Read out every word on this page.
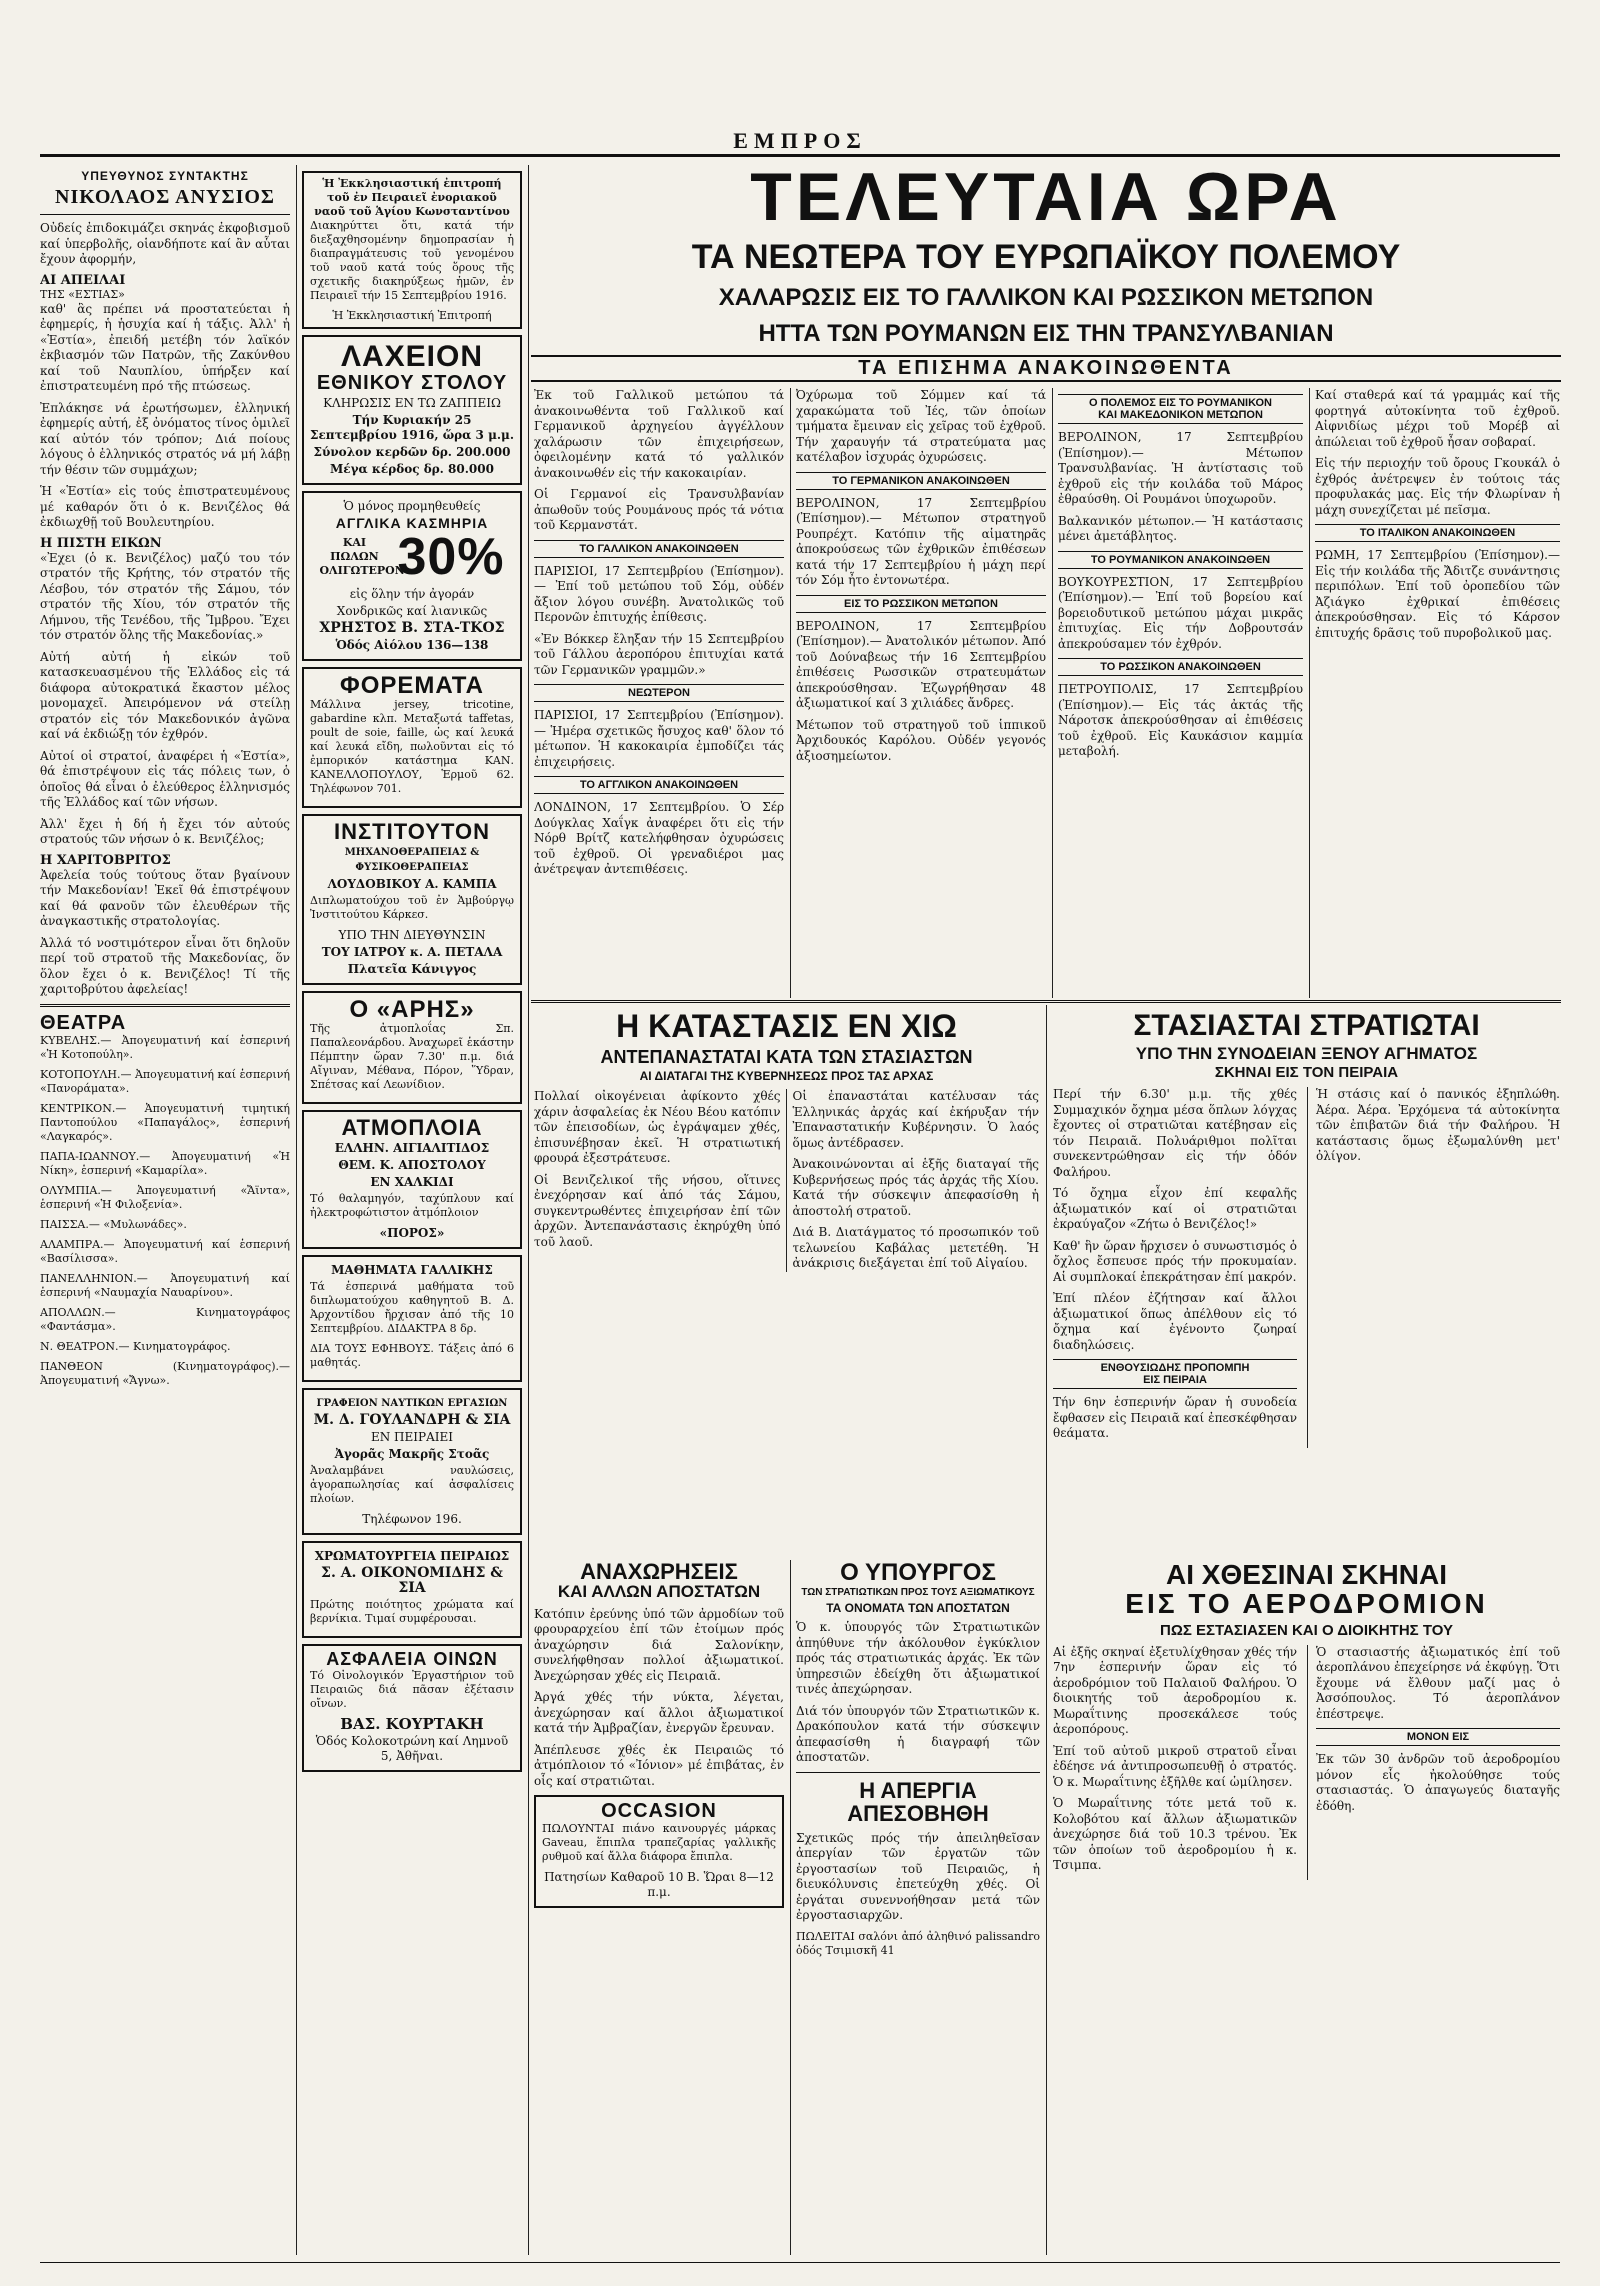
ΕΜΠΡΟΣ
ΥΠΕΥΘΥΝΟΣ ΣΥΝΤΑΚΤΗΣ
ΝΙΚΟΛΑΟΣ ΑΝΥΣΙΟΣ

Οὐδείς ἐπιδοκιμάζει σκηνάς ἐκφοβισμοῦ καί ὑπερβολῆς, οἱανδήποτε καί ἂν αὗται ἔχουν ἀφορμήν,

ΑΙ ΑΠΕΙΛΑΙ
ΤΗΣ «ΕΣΤΙΑΣ»

καθ' ἃς πρέπει νά προστατεύεται ἡ ἐφημερίς, ἡ ἡσυχία καί ἡ τάξις. Ἀλλ' ἡ «Ἑστία», ἐπειδή μετέβη τόν λαϊκόν ἐκβιασμόν τῶν Πατρῶν, τῆς Ζακύνθου καί τοῦ Ναυπλίου, ὑπήρξεν καί ἐπιστρατευμένη πρό τῆς πτώσεως.

Ἐπλάκησε νά ἐρωτήσωμεν, ἐλληνική ἐφημερίς αὐτή, ἐξ ὀνόματος τίνος ὁμιλεῖ καί αὐτόν τόν τρόπον; Διά ποίους λόγους ὁ ἐλληνικός στρατός νά μή λάβῃ τήν θέσιν τῶν συμμάχων;

Ἡ «Ἑστία» εἰς τούς ἐπιστρατευμένους μέ καθαρόν ὅτι ὁ κ. Βενιζέλος θά ἐκδιωχθῇ τοῦ Βουλευτηρίου.

Η ΠΙΣΤΗ ΕΙΚΩΝ

«Ἐχει (ὁ κ. Βενιζέλος) μαζύ του τόν στρατόν τῆς Κρήτης, τόν στρατόν τῆς Λέσβου, τόν στρατόν τῆς Σάμου, τόν στρατόν τῆς Χίου, τόν στρατόν τῆς Λήμνου, τῆς Τενέδου, τῆς Ἴμβρου. Ἔχει τόν στρατόν ὅλης τῆς Μακεδονίας.»

Αὐτή αὐτή ἡ εἰκών τοῦ κατασκευασμένου τῆς Ἑλλάδος εἰς τά διάφορα αὐτοκρατικά ἔκαστον μέλος μονομαχεῖ. Ἀπειρόμενον νά στείλῃ στρατόν εἰς τόν Μακεδονικόν ἀγῶνα καί νά ἐκδιώξῃ τόν ἐχθρόν.

Αὐτοί οἱ στρατοί, ἀναφέρει ἡ «Ἑστία», θά ἐπιστρέψουν εἰς τάς πόλεις των, ὁ ὁποῖος θά εἶναι ὁ ἐλεύθερος ἑλληνισμός τῆς Ἑλλάδος καί τῶν νήσων.

Ἀλλ' ἔχει ἡ δή ἡ ἔχει τόν αὐτούς στρατούς τῶν νήσων ὁ κ. Βενιζέλος;

Η ΧΑΡΙΤΟΒΡΙΤΟΣ

Ἀφελεία τούς τούτους ὅταν βγαίνουν τήν Μακεδονίαν! Ἐκεῖ θά ἐπιστρέψουν καί θά φανοῦν τῶν ἐλευθέρων τῆς ἀναγκαστικῆς στρατολογίας.

Ἀλλά τό νοστιμότερον εἶναι ὅτι δηλοῦν περί τοῦ στρατοῦ τῆς Μακεδονίας, ὅν ὅλον ἔχει ὁ κ. Βενιζέλος! Τί τῆς χαριτοβρύτου ἀφελείας!

ΘΕΑΤΡΑ

ΚΥΒΕΛΗΣ.— Ἀπογευματινή καί ἑσπερινή «Ἡ Κοτοπούλη».

ΚΟΤΟΠΟΥΛΗ.— Ἀπογευματινή καί ἑσπερινή «Πανοράματα».

ΚΕΝΤΡΙΚΟΝ.— Ἀπογευματινή τιμητική Παντοπούλου «Παπαγάλος», ἑσπερινή «Λαγκαρός».

ΠΑΠΑ-ΙΩΑΝΝΟΥ.— Ἀπογευματινή «Ἡ Νίκη», ἑσπερινή «Καμαρίλα».

ΟΛΥΜΠΙΑ.— Ἀπογευματινή «Ἄϊντα», ἑσπερινή «Ἡ Φιλοξενία».

ΠΑΙΣΣΑ.— «Μυλωνάδες».

ΑΛΑΜΠΡΑ.— Ἀπογευματινή καί ἑσπερινή «Βασίλισσα».

ΠΑΝΕΛΛΗΝΙΟΝ.— Ἀπογευματινή καί ἑσπερινή «Ναυμαχία Ναυαρίνου».

ΑΠΟΛΛΩΝ.— Κινηματογράφος «Φαντάσμα».

Ν. ΘΕΑΤΡΟΝ.— Κινηματογράφος.

ΠΑΝΘΕΟΝ (Κινηματογράφος).— Ἀπογευματινή «Ἄγνω».

Ἡ Ἐκκλησιαστική ἐπιτροπή τοῦ ἐν Πειραιεῖ ἐνοριακοῦ ναοῦ τοῦ Ἁγίου Κωνσταντίνου

Διακηρύττει ὅτι, κατά τήν διεξαχθησομένην δημοπρασίαν ἡ διαπραγμάτευσις τοῦ γενομένου τοῦ ναοῦ κατά τούς ὅρους τῆς σχετικῆς διακηρύξεως ἡμῶν, ἐν Πειραιεῖ τήν 15 Σεπτεμβρίου 1916.

Ἡ Ἐκκλησιαστική Ἐπιτροπή
ΛΑΧΕΙΟΝ
ΕΘΝΙΚΟΥ ΣΤΟΛΟΥ
ΚΛΗΡΩΣΙΣ ΕΝ ΤΩ ΖΑΠΠΕΙΩ
Τήν Κυριακήν 25 Σεπτεμβρίου 1916, ὥρα 3 μ.μ.
Σύνολον κερδῶν δρ. 200.000
Μέγα κέρδος δρ. 80.000
Ὁ μόνος προμηθευθείς
ΑΓΓΛΙΚΑ ΚΑΣΜΗΡΙΑ
ΚΑΙ ΠΩΛΩΝ ΟΛΙΓΩΤΕΡΟΝ
30%
εἰς ὅλην τήν ἀγοράν
Χονδρικῶς καί λιανικῶς
ΧΡΗΣΤΟΣ Β. ΣΤΑ-ΤΚΟΣ
Ὁδός Αἰόλου 136—138
ΦΟΡΕΜΑΤΑ

Μάλλινα jersey, tricotine, gabardine κλπ. Μεταξωτά taffetas, poult de soie, faille, ὡς καί λευκά καί λευκά εἴδη, πωλοῦνται εἰς τό ἐμπορικόν κατάστημα ΚΑΝ. ΚΑΝΕΛΛΟΠΟΥΛΟΥ, Ἑρμοῦ 62. Τηλέφωνον 701.

ΙΝΣΤΙΤΟΥΤΟΝ
ΜΗΧΑΝΟΘΕΡΑΠΕΙΑΣ & ΦΥΣΙΚΟΘΕΡΑΠΕΙΑΣ
ΛΟΥΔΟΒΙΚΟΥ Α. ΚΑΜΠΑ

Διπλωματούχου τοῦ ἐν Ἀμβούργῳ Ἰνστιτούτου Κάρκεσ.

ΥΠΟ ΤΗΝ ΔΙΕΥΘΥΝΣΙΝ
ΤΟΥ ΙΑΤΡΟΥ κ. Α. ΠΕΤΑΛΑ
Πλατεῖα Κάνιγγος
Ο «ΑΡΗΣ»

Τῆς ἀτμοπλοΐας Σπ. Παπαλεονάρδου. Ἀναχωρεῖ ἑκάστην Πέμπτην ὥραν 7.30' π.μ. διά Αἴγιναν, Μέθανα, Πόρον, Ὕδραν, Σπέτσας καί Λεωνίδιον.

ΑΤΜΟΠΛΟΙΑ
ΕΛΛΗΝ. ΑΙΓΙΑΛΙΤΙΔΟΣ
ΘΕΜ. Κ. ΑΠΟΣΤΟΛΟΥ
ΕΝ ΧΑΛΚΙΔΙ

Τό θαλαμηγόν, ταχύπλουν καί ἠλεκτροφώτιστον ἀτμόπλοιον

«ΠΟΡΟΣ»
ΜΑΘΗΜΑΤΑ ΓΑΛΛΙΚΗΣ

Τά ἑσπερινά μαθήματα τοῦ διπλωματούχου καθηγητοῦ Β. Δ. Ἀρχοντίδου ἤρχισαν ἀπό τῆς 10 Σεπτεμβρίου. ΔΙΔΑΚΤΡΑ 8 δρ.

ΔΙΑ ΤΟΥΣ ΕΦΗΒΟΥΣ. Τάξεις ἀπό 6 μαθητάς.

ΓΡΑΦΕΙΟΝ ΝΑΥΤΙΚΩΝ ΕΡΓΑΣΙΩΝ
Μ. Δ. ΓΟΥΛΑΝΔΡΗ & ΣΙΑ
ΕΝ ΠΕΙΡΑΙΕΙ
Ἀγορᾶς Μακρῆς Στοᾶς

Ἀναλαμβάνει ναυλώσεις, ἀγοραπωλησίας καί ἀσφαλίσεις πλοίων.

Τηλέφωνον 196.
ΧΡΩΜΑΤΟΥΡΓΕΙΑ ΠΕΙΡΑΙΩΣ
Σ. Α. ΟΙΚΟΝΟΜΙΔΗΣ & ΣΙΑ

Πρώτης ποιότητος χρώματα καί βερνίκια. Τιμαί συμφέρουσαι.

ΑΣΦΑΛΕΙΑ ΟΙΝΩΝ

Τό Οἰνολογικόν Ἐργαστήριον τοῦ Πειραιῶς διά πᾶσαν ἐξέτασιν οἴνων.

ΒΑΣ. ΚΟΥΡΤΑΚΗ
Ὁδός Κολοκοτρώνη καί Λημνοῦ 5, Ἀθῆναι.
ΤΕΛΕΥΤΑΙΑ ΩΡΑ
ΤΑ ΝΕΩΤΕΡΑ ΤΟΥ ΕΥΡΩΠΑΪΚΟΥ ΠΟΛΕΜΟΥ
ΧΑΛΑΡΩΣΙΣ ΕΙΣ ΤΟ ΓΑΛΛΙΚΟΝ ΚΑΙ ΡΩΣΣΙΚΟΝ ΜΕΤΩΠΟΝ
ΗΤΤΑ ΤΩΝ ΡΟΥΜΑΝΩΝ ΕΙΣ ΤΗΝ ΤΡΑΝΣΥΛΒΑΝΙΑΝ
ΤΑ ΕΠΙΣΗΜΑ ΑΝΑΚΟΙΝΩΘΕΝΤΑ

Ἐκ τοῦ Γαλλικοῦ μετώπου τά ἀνακοινωθέντα τοῦ Γαλλικοῦ καί Γερμανικοῦ ἀρχηγείου ἀγγέλλουν χαλάρωσιν τῶν ἐπιχειρήσεων, ὀφειλομένην κατά τό γαλλικόν ἀνακοινωθέν εἰς τήν κακοκαιρίαν.

Οἱ Γερμανοί εἰς Τρανσυλβανίαν ἀπωθοῦν τούς Ρουμάνους πρός τά νότια τοῦ Κερμανστάτ.

ΤΟ ΓΑΛΛΙΚΟΝ ΑΝΑΚΟΙΝΩΘΕΝ

ΠΑΡΙΣΙΟΙ, 17 Σεπτεμβρίου (Ἐπίσημον).— Ἐπί τοῦ μετώπου τοῦ Σόμ, οὐδέν ἄξιον λόγου συνέβη. Ἀνατολικῶς τοῦ Περονῶν ἐπιτυχής ἐπίθεσις.

«Ἐν Βόκκερ ἔληξαν τήν 15 Σεπτεμβρίου τοῦ Γάλλου ἀεροπόρου ἐπιτυχίαι κατά τῶν Γερμανικῶν γραμμῶν.»

ΝΕΩΤΕΡΟΝ

ΠΑΡΙΣΙΟΙ, 17 Σεπτεμβρίου (Ἐπίσημον).— Ἡμέρα σχετικῶς ἤσυχος καθ' ὅλον τό μέτωπον. Ἡ κακοκαιρία ἐμποδίζει τάς ἐπιχειρήσεις.

ΤΟ ΑΓΓΛΙΚΟΝ ΑΝΑΚΟΙΝΩΘΕΝ

ΛΟΝΔΙΝΟΝ, 17 Σεπτεμβρίου. Ὁ Σέρ Δούγκλας Χαΐγκ ἀναφέρει ὅτι εἰς τήν Νόρθ Βρίτζ κατελήφθησαν ὀχυρώσεις τοῦ ἐχθροῦ. Οἱ γρεναδιέροι μας ἀνέτρεψαν ἀντεπιθέσεις.

Ὀχύρωμα τοῦ Σόμμεν καί τά χαρακώματα τοῦ Ἰές, τῶν ὁποίων τμήματα ἔμειναν εἰς χεῖρας τοῦ ἐχθροῦ. Τήν χαραυγήν τά στρατεύματα μας κατέλαβον ἰσχυράς ὀχυρώσεις.

ΤΟ ΓΕΡΜΑΝΙΚΟΝ ΑΝΑΚΟΙΝΩΘΕΝ

ΒΕΡΟΛΙΝΟΝ, 17 Σεπτεμβρίου (Ἐπίσημον).— Μέτωπον στρατηγοῦ Ρουπρέχτ. Κατόπιν τῆς αἱματηρᾶς ἀποκρούσεως τῶν ἐχθρικῶν ἐπιθέσεων κατά τήν 17 Σεπτεμβρίου ἡ μάχη περί τόν Σόμ ἦτο ἐντονωτέρα.

ΕΙΣ ΤΟ ΡΩΣΣΙΚΟΝ ΜΕΤΩΠΟΝ

ΒΕΡΟΛΙΝΟΝ, 17 Σεπτεμβρίου (Ἐπίσημον).— Ἀνατολικόν μέτωπον. Ἀπό τοῦ Δούναβεως τήν 16 Σεπτεμβρίου ἐπιθέσεις Ρωσσικῶν στρατευμάτων ἀπεκρούσθησαν. Ἐζωγρήθησαν 48 ἀξιωματικοί καί 3 χιλιάδες ἄνδρες.

Μέτωπον τοῦ στρατηγοῦ τοῦ ἱππικοῦ Ἀρχιδουκός Καρόλου. Οὐδέν γεγονός ἀξιοσημείωτον.

Ο ΠΟΛΕΜΟΣ ΕΙΣ ΤΟ ΡΟΥΜΑΝΙΚΟΝ
ΚΑΙ ΜΑΚΕΔΟΝΙΚΟΝ ΜΕΤΩΠΟΝ

ΒΕΡΟΛΙΝΟΝ, 17 Σεπτεμβρίου (Ἐπίσημον).— Μέτωπον Τρανσυλβανίας. Ἡ ἀντίστασις τοῦ ἐχθροῦ εἰς τήν κοιλάδα τοῦ Μάρος ἐθραύσθη. Οἱ Ρουμάνοι ὑποχωροῦν.

Βαλκανικόν μέτωπον.— Ἡ κατάστασις μένει ἀμετάβλητος.

ΤΟ ΡΟΥΜΑΝΙΚΟΝ ΑΝΑΚΟΙΝΩΘΕΝ

ΒΟΥΚΟΥΡΕΣΤΙΟΝ, 17 Σεπτεμβρίου (Ἐπίσημον).— Ἐπί τοῦ βορείου καί βορειοδυτικοῦ μετώπου μάχαι μικρᾶς ἐπιτυχίας. Εἰς τήν Δοβρουτσάν ἀπεκρούσαμεν τόν ἐχθρόν.

ΤΟ ΡΩΣΣΙΚΟΝ ΑΝΑΚΟΙΝΩΘΕΝ

ΠΕΤΡΟΥΠΟΛΙΣ, 17 Σεπτεμβρίου (Ἐπίσημον).— Εἰς τάς ἀκτάς τῆς Νάροτσκ ἀπεκρούσθησαν αἱ ἐπιθέσεις τοῦ ἐχθροῦ. Εἰς Καυκάσιον καμμία μεταβολή.

Καί σταθερά καί τά γραμμάς καί τῆς φορτηγά αὐτοκίνητα τοῦ ἐχθροῦ. Αἰφνιδίως μέχρι τοῦ Μορέβ αἱ ἀπώλειαι τοῦ ἐχθροῦ ἦσαν σοβαραί.

Εἰς τήν περιοχήν τοῦ ὄρους Γκουκάλ ὁ ἐχθρός ἀνέτρεψεν ἐν τούτοις τάς προφυλακάς μας. Εἰς τήν Φλωρίναν ἡ μάχη συνεχίζεται μέ πεῖσμα.

ΤΟ ΙΤΑΛΙΚΟΝ ΑΝΑΚΟΙΝΩΘΕΝ

ΡΩΜΗ, 17 Σεπτεμβρίου (Ἐπίσημον).— Εἰς τήν κοιλάδα τῆς Ἄδιτζε συνάντησις περιπόλων. Ἐπί τοῦ ὀροπεδίου τῶν Ἀζιάγκο ἐχθρικαί ἐπιθέσεις ἀπεκρούσθησαν. Εἰς τό Κάρσον ἐπιτυχής δρᾶσις τοῦ πυροβολικοῦ μας.

Η ΚΑΤΑΣΤΑΣΙΣ ΕΝ ΧΙΩ
ΑΝΤΕΠΑΝΑΣΤΑΤΑΙ ΚΑΤΑ ΤΩΝ ΣΤΑΣΙΑΣΤΩΝ
ΑΙ ΔΙΑΤΑΓΑΙ ΤΗΣ ΚΥΒΕΡΝΗΣΕΩΣ ΠΡΟΣ ΤΑΣ ΑΡΧΑΣ

Πολλαί οἰκογένειαι ἀφίκοντο χθές χάριν ἀσφαλείας ἐκ Νέου Βέου κατόπιν τῶν ἐπεισοδίων, ὡς ἐγράψαμεν χθές, ἐπισυνέβησαν ἐκεῖ. Ἡ στρατιωτική φρουρά ἐξεστράτευσε.

Οἱ Βενιζελικοί τῆς νήσου, οἵτινες ἐνεχόρησαν καί ἀπό τάς Σάμου, συγκεντρωθέντες ἐπιχειρήσαν ἐπί τῶν ἀρχῶν. Ἀντεπανάστασις ἐκηρύχθη ὑπό τοῦ λαοῦ.

Οἱ ἐπαναστάται κατέλυσαν τάς Ἑλληνικάς ἀρχάς καί ἐκήρυξαν τήν Ἐπαναστατικήν Κυβέρνησιν. Ὁ λαός ὅμως ἀντέδρασεν.

Ἀνακοινώνονται αἱ ἑξῆς διαταγαί τῆς Κυβερνήσεως πρός τάς ἀρχάς τῆς Χίου. Κατά τήν σύσκεψιν ἀπεφασίσθη ἡ ἀποστολή στρατοῦ.

Διά Β. Διατάγματος τό προσωπικόν τοῦ τελωνείου Καβάλας μετετέθη. Ἡ ἀνάκρισις διεξάγεται ἐπί τοῦ Αἰγαίου.

ΣΤΑΣΙΑΣΤΑΙ ΣΤΡΑΤΙΩΤΑΙ
ΥΠΟ ΤΗΝ ΣΥΝΟΔΕΙΑΝ ΞΕΝΟΥ ΑΓΗΜΑΤΟΣ
ΣΚΗΝΑΙ ΕΙΣ ΤΟΝ ΠΕΙΡΑΙΑ

Περί τήν 6.30' μ.μ. τῆς χθές Συμμαχικόν ὄχημα μέσα ὅπλων λόγχας ἔχοντες οἱ στρατιῶται κατέβησαν εἰς τόν Πειραιᾶ. Πολυάριθμοι πολῖται συνεκεντρώθησαν εἰς τήν ὁδόν Φαλήρου.

Τό ὄχημα εἶχον ἐπί κεφαλῆς ἀξιωματικόν καί οἱ στρατιῶται ἐκραύγαζον «Ζήτω ὁ Βενιζέλος!»

Καθ' ἣν ὥραν ἤρχισεν ὁ συνωστισμός ὁ ὄχλος ἔσπευσε πρός τήν προκυμαίαν. Αἱ συμπλοκαί ἐπεκράτησαν ἐπί μακρόν.

Ἐπί πλέον ἐζήτησαν καί ἄλλοι ἀξιωματικοί ὅπως ἀπέλθουν εἰς τό ὄχημα καί ἐγένοντο ζωηραί διαδηλώσεις.

ΕΝΘΟΥΣΙΩΔΗΣ ΠΡΟΠΟΜΠΗ
ΕΙΣ ΠΕΙΡΑΙΑ

Τήν 6ην ἑσπερινήν ὥραν ἡ συνοδεία ἔφθασεν εἰς Πειραιᾶ καί ἐπεσκέφθησαν θεάματα.

Ἡ στάσις καί ὁ πανικός ἐξηπλώθη. Ἀέρα. Ἀέρα. Ἐρχόμενα τά αὐτοκίνητα τῶν ἐπιβατῶν διά τήν Φαλήρου. Ἡ κατάστασις ὅμως ἐξωμαλύνθη μετ' ὀλίγον.

ΑΝΑΧΩΡΗΣΕΙΣ
ΚΑΙ ΑΛΛΩΝ ΑΠΟΣΤΑΤΩΝ

Κατόπιν ἐρεύνης ὑπό τῶν ἀρμοδίων τοῦ φρουραρχείου ἐπί τῶν ἐτοίμων πρός ἀναχώρησιν διά Σαλονίκην, συνελήφθησαν πολλοί ἀξιωματικοί. Ἀνεχώρησαν χθές εἰς Πειραιᾶ.

Ἀργά χθές τήν νύκτα, λέγεται, ἀνεχώρησαν καί ἄλλοι ἀξιωματικοί κατά τήν Ἀμβραζίαν, ἐνεργῶν ἔρευναν.

Ἀπέπλευσε χθές ἐκ Πειραιῶς τό ἀτμόπλοιον τό «Ἰόνιον» μέ ἐπιβάτας, ἐν οἷς καί στρατιῶται.

OCCASION

ΠΩΛΟΥΝΤΑΙ πιάνο καινουργές μάρκας Gaveau, ἕπιπλα τραπεζαρίας γαλλικῆς ρυθμοῦ καί ἄλλα διάφορα ἔπιπλα.

Πατησίων Καθαροῦ 10 Β. Ὥραι 8—12 π.μ.
Ο ΥΠΟΥΡΓΟΣ
ΤΩΝ ΣΤΡΑΤΙΩΤΙΚΩΝ ΠΡΟΣ ΤΟΥΣ ΑΞΙΩΜΑΤΙΚΟΥΣ
ΤΑ ΟΝΟΜΑΤΑ ΤΩΝ ΑΠΟΣΤΑΤΩΝ

Ὁ κ. ὑπουργός τῶν Στρατιωτικῶν ἀπηύθυνε τήν ἀκόλουθον ἐγκύκλιον πρός τάς στρατιωτικάς ἀρχάς. Ἐκ τῶν ὑπηρεσιῶν ἐδείχθη ὅτι ἀξιωματικοί τινές ἀπεχώρησαν.

Διά τόν ὑπουργόν τῶν Στρατιωτικῶν κ. Δρακόπουλον κατά τήν σύσκεψιν ἀπεφασίσθη ἡ διαγραφή τῶν ἀποστατῶν.

Η ΑΠΕΡΓΙΑ
ΑΠΕΣΟΒΗΘΗ

Σχετικῶς πρός τήν ἀπειληθεῖσαν ἀπεργίαν τῶν ἐργατῶν τῶν ἐργοστασίων τοῦ Πειραιῶς, ἡ διευκόλυνσις ἐπετεύχθη χθές. Οἱ ἐργάται συνεννοήθησαν μετά τῶν ἐργοστασιαρχῶν.

ΠΩΛΕΙΤΑΙ σαλόνι ἀπό ἀληθινό palissandro ὁδός Τσιμισκῆ 41

ΑΙ ΧΘΕΣΙΝΑΙ ΣΚΗΝΑΙ
ΕΙΣ ΤΟ ΑΕΡΟΔΡΟΜΙΟΝ
ΠΩΣ ΕΣΤΑΣΙΑΣΕΝ ΚΑΙ Ο ΔΙΟΙΚΗΤΗΣ ΤΟΥ

Αἱ ἐξῆς σκηναί ἐξετυλίχθησαν χθές τήν 7ην ἑσπερινήν ὥραν εἰς τό ἀεροδρόμιον τοῦ Παλαιοῦ Φαλήρου. Ὁ διοικητής τοῦ ἀεροδρομίου κ. Μωραΐτινης προσεκάλεσε τούς ἀεροπόρους.

Ἐπί τοῦ αὐτοῦ μικροῦ στρατοῦ εἶναι ἐδέησε νά ἀντιπροσωπευθῇ ὁ στρατός. Ὁ κ. Μωραΐτινης ἐξῆλθε καί ὡμίλησεν.

Ὁ Μωραΐτινης τότε μετά τοῦ κ. Κολοβότου καί ἄλλων ἀξιωματικῶν ἀνεχώρησε διά τοῦ 10.3 τρένου. Ἐκ τῶν ὁποίων τοῦ ἀεροδρομίου ἡ κ. Τσιμπα.

Ὁ στασιαστής ἀξιωματικός ἐπί τοῦ ἀεροπλάνου ἐπεχείρησε νά ἐκφύγῃ. Ὅτι ἔχουμε νά ἔλθουν μαζί μας ὁ Ἀσσόπουλος. Τό ἀεροπλάνον ἐπέστρεψε.

ΜΟΝΟΝ ΕΙΣ

Ἐκ τῶν 30 ἀνδρῶν τοῦ ἀεροδρομίου μόνον εἷς ἠκολούθησε τούς στασιαστάς. Ὁ ἀπαγωγεύς διαταγῆς ἐδόθη.
